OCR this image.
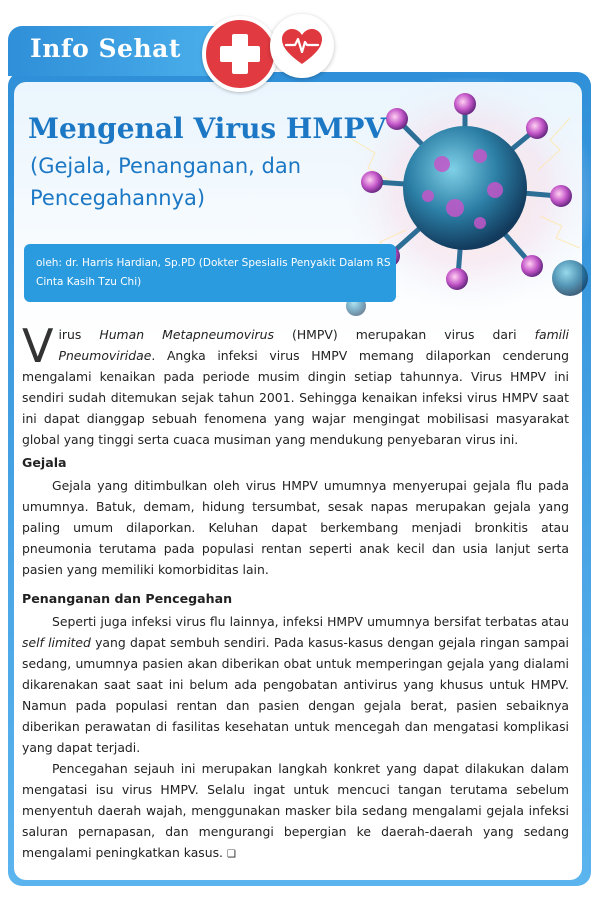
Info Sehat
Mengenal Virus HMPV

(Gejala, Penanganan, dan Pencegahannya)

oleh: dr. Harris Hardian, Sp.PD (Dokter Spesialis Penyakit Dalam RS Cinta Kasih Tzu Chi)

Virus Human Metapneumovirus (HMPV) merupakan virus dari famili Pneumoviridae. Angka infeksi virus HMPV memang dilaporkan cenderung mengalami kenaikan pada periode musim dingin setiap tahunnya. Virus HMPV ini sendiri sudah ditemukan sejak tahun 2001. Sehingga kenaikan infeksi virus HMPV saat ini dapat dianggap sebuah fenomena yang wajar mengingat mobilisasi masyarakat global yang tinggi serta cuaca musiman yang mendukung penyebaran virus ini.

Gejala

Gejala yang ditimbulkan oleh virus HMPV umumnya menyerupai gejala flu pada umumnya. Batuk, demam, hidung tersumbat, sesak napas merupakan gejala yang paling umum dilaporkan. Keluhan dapat berkembang menjadi bronkitis atau pneumonia terutama pada populasi rentan seperti anak kecil dan usia lanjut serta pasien yang memiliki komorbiditas lain.

Penanganan dan Pencegahan

Seperti juga infeksi virus flu lainnya, infeksi HMPV umumnya bersifat terbatas atau self limited yang dapat sembuh sendiri. Pada kasus-kasus dengan gejala ringan sampai sedang, umumnya pasien akan diberikan obat untuk memperingan gejala yang dialami dikarenakan saat saat ini belum ada pengobatan antivirus yang khusus untuk HMPV. Namun pada populasi rentan dan pasien dengan gejala berat, pasien sebaiknya diberikan perawatan di fasilitas kesehatan untuk mencegah dan mengatasi komplikasi yang dapat terjadi.

Pencegahan sejauh ini merupakan langkah konkret yang dapat dilakukan dalam mengatasi isu virus HMPV. Selalu ingat untuk mencuci tangan terutama sebelum menyentuh daerah wajah, menggunakan masker bila sedang mengalami gejala infeksi saluran pernapasan, dan mengurangi bepergian ke daerah-daerah yang sedang mengalami peningkatkan kasus. ❑
